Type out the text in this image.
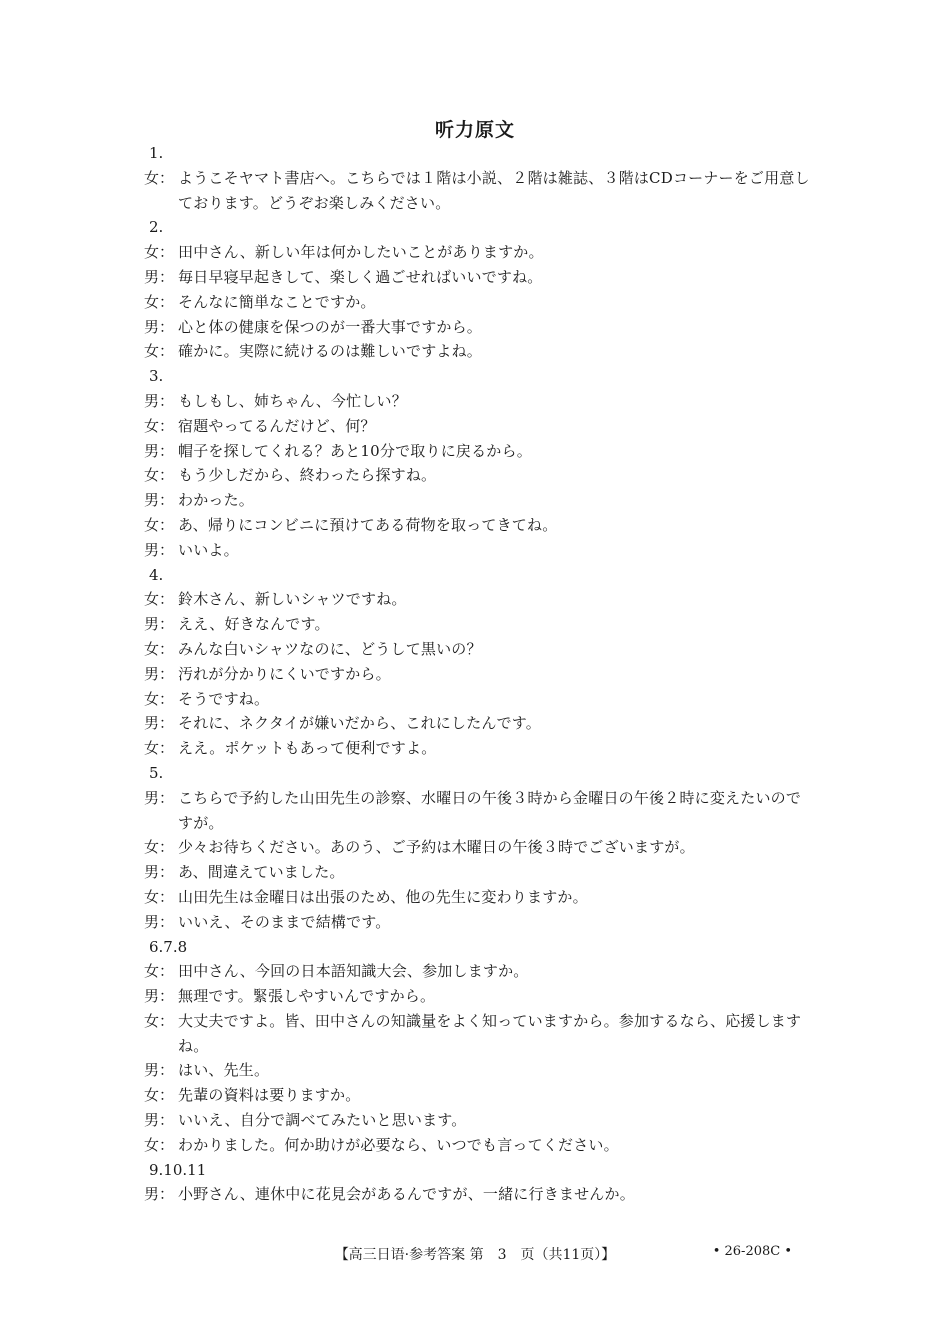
听力原文
1.
女： ようこそヤマト書店へ。こちらでは１階は小説、２階は雑誌、３階はCDコーナーをご用意しております。どうぞお楽しみください。
2.
女： 田中さん、新しい年は何かしたいことがありますか。
男： 毎日早寝早起きして、楽しく過ごせればいいですね。
女： そんなに簡単なことですか。
男： 心と体の健康を保つのが一番大事ですから。
女： 確かに。実際に続けるのは難しいですよね。
3.
男： もしもし、姉ちゃん、今忙しい？
女： 宿題やってるんだけど、何？
男： 帽子を探してくれる？あと10分で取りに戻るから。
女： もう少しだから、終わったら探すね。
男： わかった。
女： あ、帰りにコンビニに預けてある荷物を取ってきてね。
男： いいよ。
4.
女： 鈴木さん、新しいシャツですね。
男： ええ、好きなんです。
女： みんな白いシャツなのに、どうして黒いの？
男： 汚れが分かりにくいですから。
女： そうですね。
男： それに、ネクタイが嫌いだから、これにしたんです。
女： ええ。ポケットもあって便利ですよ。
5.
男： こちらで予約した山田先生の診察、水曜日の午後３時から金曜日の午後２時に変えたいのですが。
女： 少々お待ちください。あのう、ご予約は木曜日の午後３時でございますが。
男： あ、間違えていました。
女： 山田先生は金曜日は出張のため、他の先生に変わりますか。
男： いいえ、そのままで結構です。
6.7.8
女： 田中さん、今回の日本語知識大会、参加しますか。
男： 無理です。緊張しやすいんですから。
女： 大丈夫ですよ。皆、田中さんの知識量をよく知っていますから。参加するなら、応援しますね。
男： はい、先生。
女： 先輩の資料は要りますか。
男： いいえ、自分で調べてみたいと思います。
女： わかりました。何か助けが必要なら、いつでも言ってください。
9.10.11
男： 小野さん、連休中に花見会があるんですが、一緒に行きませんか。
【高三日语·参考答案 第　3　页（共11页）】	• 26-208C •
